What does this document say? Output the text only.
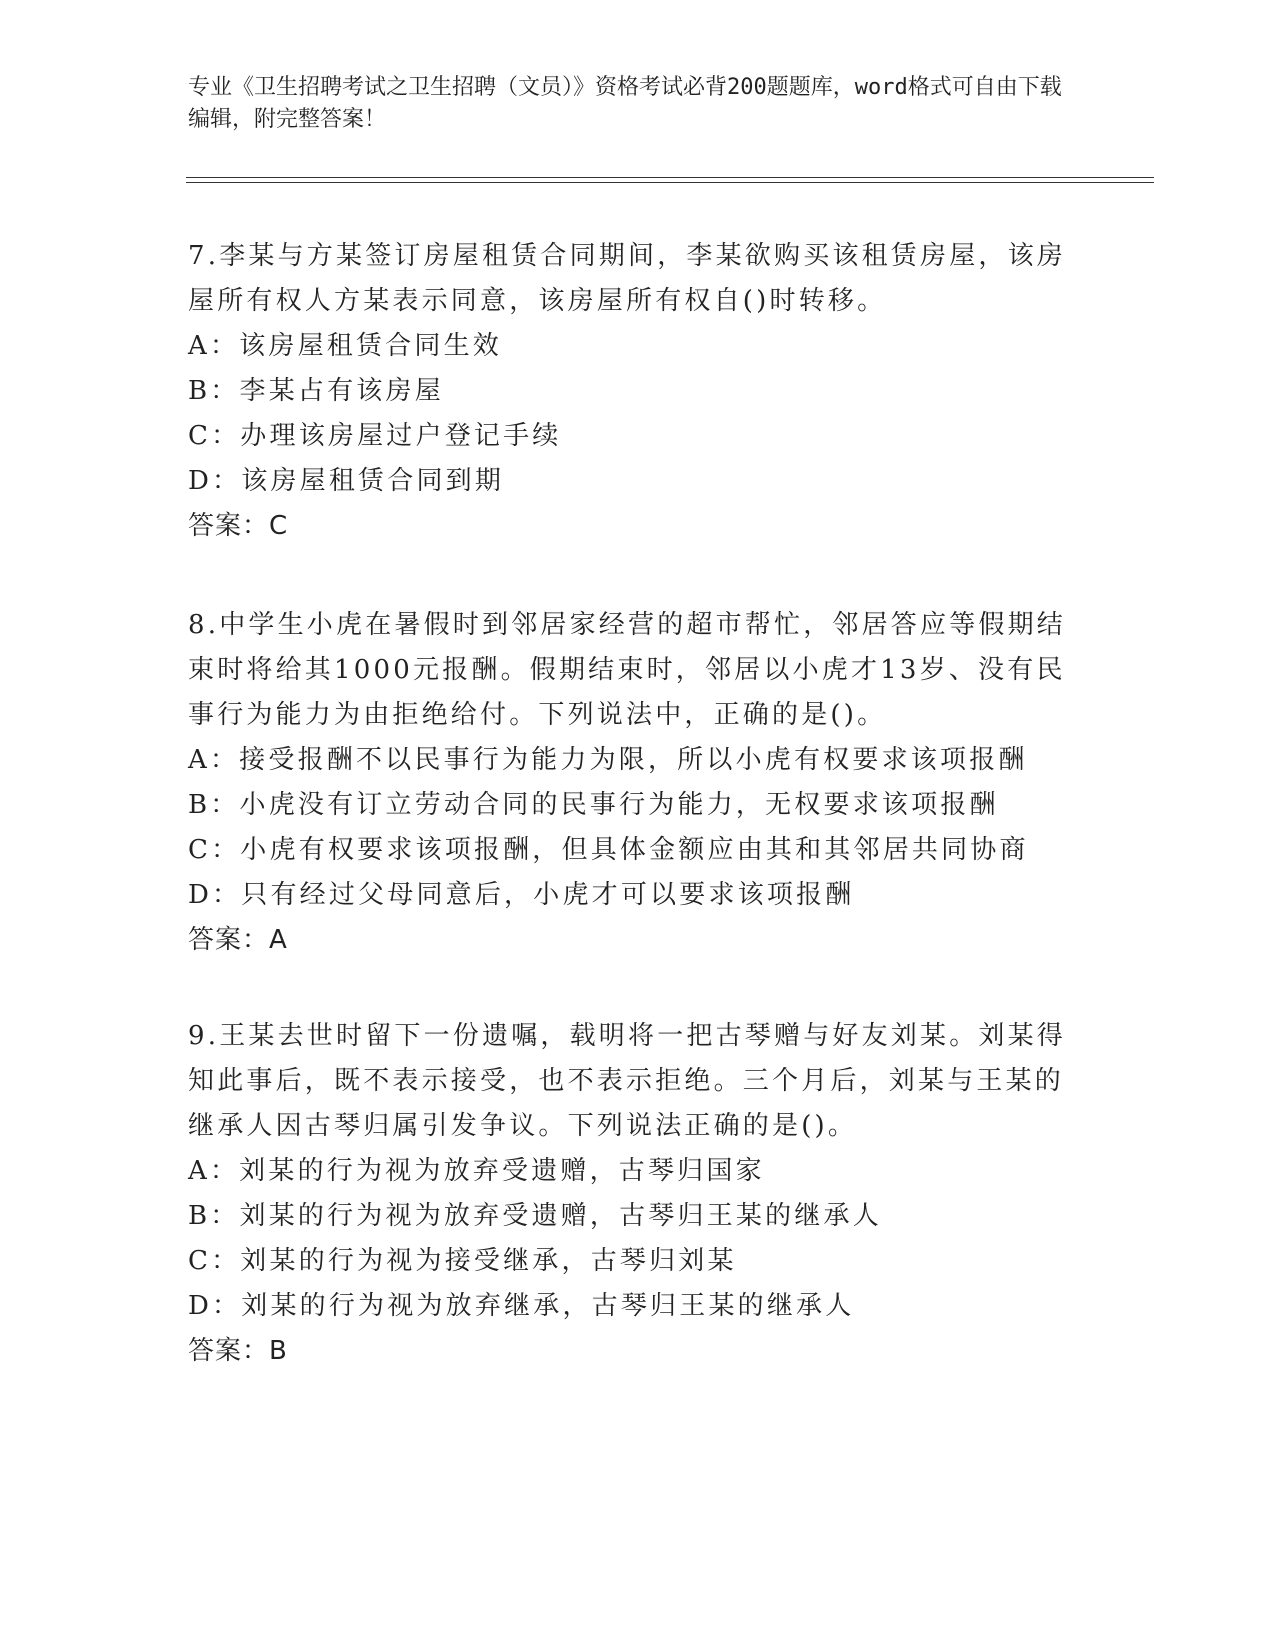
专业《卫生招聘考试之卫生招聘（文员）》资格考试必背200题题库，word格式可自由下载编辑，附完整答案！

7.李某与方某签订房屋租赁合同期间，李某欲购买该租赁房屋，该房屋所有权人方某表示同意，该房屋所有权自()时转移。

A：该房屋租赁合同生效
B：李某占有该房屋
C：办理该房屋过户登记手续
D：该房屋租赁合同到期
答案：C

8.中学生小虎在暑假时到邻居家经营的超市帮忙，邻居答应等假期结束时将给其1000元报酬。假期结束时，邻居以小虎才13岁、没有民事行为能力为由拒绝给付。下列说法中，正确的是()。

A：接受报酬不以民事行为能力为限，所以小虎有权要求该项报酬
B：小虎没有订立劳动合同的民事行为能力，无权要求该项报酬
C：小虎有权要求该项报酬，但具体金额应由其和其邻居共同协商
D：只有经过父母同意后，小虎才可以要求该项报酬
答案：A

9.王某去世时留下一份遗嘱，载明将一把古琴赠与好友刘某。刘某得知此事后，既不表示接受，也不表示拒绝。三个月后，刘某与王某的继承人因古琴归属引发争议。下列说法正确的是()。

A：刘某的行为视为放弃受遗赠，古琴归国家
B：刘某的行为视为放弃受遗赠，古琴归王某的继承人
C：刘某的行为视为接受继承，古琴归刘某
D：刘某的行为视为放弃继承，古琴归王某的继承人
答案：B
